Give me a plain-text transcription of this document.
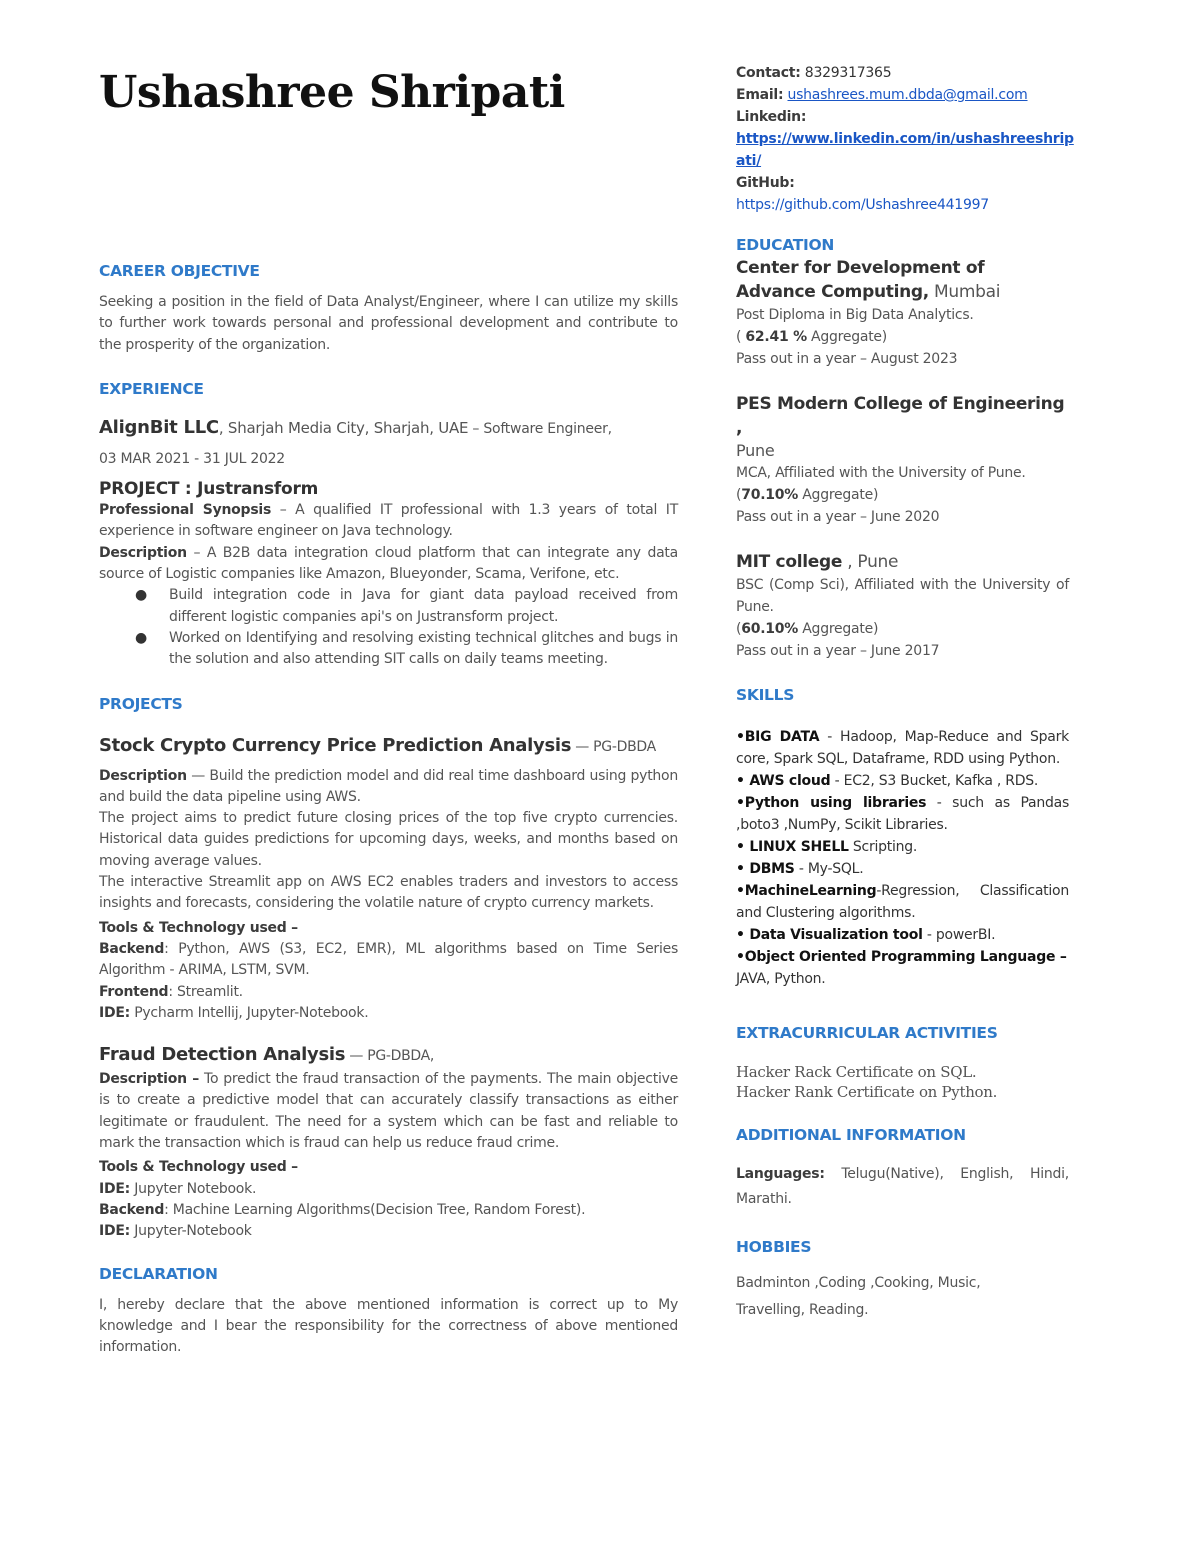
Ushashree Shripati
CAREER OBJECTIVE

Seeking a position in the field of Data Analyst/Engineer, where I can utilize my skills to further work towards personal and professional development and contribute to the prosperity of the organization.

EXPERIENCE

AlignBit LLC, Sharjah Media City, Sharjah, UAE – Software Engineer,

03 MAR 2021 - 31 JUL 2022

PROJECT : Justransform

Professional Synopsis – A qualified IT professional with 1.3 years of total IT experience in software engineer on Java technology.

Description – A B2B data integration cloud platform that can integrate any data source of Logistic companies like Amazon, Blueyonder, Scama, Verifone, etc.

● Build integration code in Java for giant data payload received from different logistic companies api's on Justransform project.
● Worked on Identifying and resolving existing technical glitches and bugs in the solution and also attending SIT calls on daily teams meeting.
PROJECTS

Stock Crypto Currency Price Prediction Analysis — PG-DBDA

Description — Build the prediction model and did real time dashboard using python and build the data pipeline using AWS.

The project aims to predict future closing prices of the top five crypto currencies. Historical data guides predictions for upcoming days, weeks, and months based on moving average values.

The interactive Streamlit app on AWS EC2 enables traders and investors to access insights and forecasts, considering the volatile nature of crypto currency markets.

Tools & Technology used –

Backend: Python, AWS (S3, EC2, EMR), ML algorithms based on Time Series Algorithm - ARIMA, LSTM, SVM.

Frontend: Streamlit.

IDE: Pycharm Intellij, Jupyter-Notebook.

Fraud Detection Analysis — PG-DBDA,

Description – To predict the fraud transaction of the payments. The main objective is to create a predictive model that can accurately classify transactions as either legitimate or fraudulent. The need for a system which can be fast and reliable to mark the transaction which is fraud can help us reduce fraud crime.

Tools & Technology used –

IDE: Jupyter Notebook.

Backend: Machine Learning Algorithms(Decision Tree, Random Forest).

IDE: Jupyter-Notebook

DECLARATION

I, hereby declare that the above mentioned information is correct up to My knowledge and I bear the responsibility for the correctness of above mentioned information.

Contact: 8329317365

Email: ushashrees.mum.dbda@gmail.com

Linkedin:

https://www.linkedin.com/in/ushashreeshrip
ati/

GitHub:

https://github.com/Ushashree441997

EDUCATION

Center for Development of Advance Computing, Mumbai

Post Diploma in Big Data Analytics.

( 62.41 % Aggregate)

Pass out in a year – August 2023

PES Modern College of Engineering ,

Pune

MCA, Affiliated with the University of Pune.

(70.10% Aggregate)

Pass out in a year – June 2020

MIT college , Pune

BSC (Comp Sci), Affiliated with the University of Pune.

(60.10% Aggregate)

Pass out in a year – June 2017

SKILLS

•BIG DATA - Hadoop, Map-Reduce and Spark core, Spark SQL, Dataframe, RDD using Python.

• AWS cloud - EC2, S3 Bucket, Kafka , RDS.

•Python using libraries - such as Pandas ,boto3 ,NumPy, Scikit Libraries.

• LINUX SHELL Scripting.

• DBMS - My-SQL.

•MachineLearning-Regression, Classification and Clustering algorithms.

• Data Visualization tool - powerBI.

•Object Oriented Programming Language – JAVA, Python.

EXTRACURRICULAR ACTIVITIES

Hacker Rack Certificate on SQL.

Hacker Rank Certificate on Python.

ADDITIONAL INFORMATION

Languages: Telugu(Native), English, Hindi, Marathi.

HOBBIES

Badminton ,Coding ,Cooking, Music,

Travelling, Reading.
